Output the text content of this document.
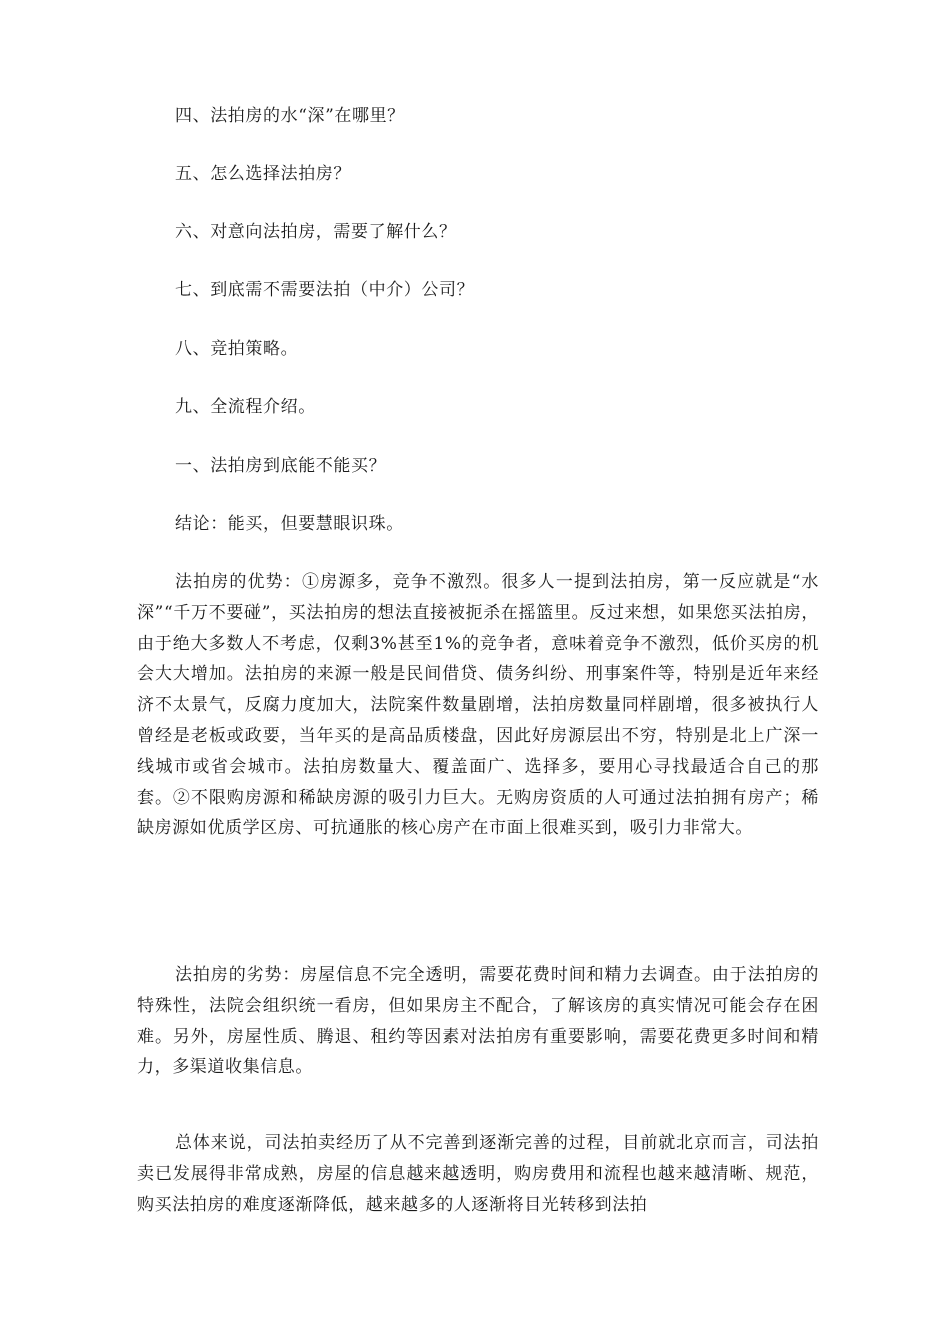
四、法拍房的水“深”在哪里？
五、怎么选择法拍房？
六、对意向法拍房，需要了解什么？
七、到底需不需要法拍（中介）公司？
八、竞拍策略。
九、全流程介绍。
一、法拍房到底能不能买？
结论：能买，但要慧眼识珠。

法拍房的优势：①房源多，竞争不激烈。很多人一提到法拍房，第一反应就是“水深”“千万不要碰”，买法拍房的想法直接被扼杀在摇篮里。反过来想，如果您买法拍房，由于绝大多数人不考虑，仅剩3%甚至1%的竞争者，意味着竞争不激烈，低价买房的机会大大增加。法拍房的来源一般是民间借贷、债务纠纷、刑事案件等，特别是近年来经济不太景气，反腐力度加大，法院案件数量剧增，法拍房数量同样剧增，很多被执行人曾经是老板或政要，当年买的是高品质楼盘，因此好房源层出不穷，特别是北上广深一线城市或省会城市。法拍房数量大、覆盖面广、选择多，要用心寻找最适合自己的那套。②不限购房源和稀缺房源的吸引力巨大。无购房资质的人可通过法拍拥有房产；稀缺房源如优质学区房、可抗通胀的核心房产在市面上很难买到，吸引力非常大。

法拍房的劣势：房屋信息不完全透明，需要花费时间和精力去调查。由于法拍房的特殊性，法院会组织统一看房，但如果房主不配合，了解该房的真实情况可能会存在困难。另外，房屋性质、腾退、租约等因素对法拍房有重要影响，需要花费更多时间和精力，多渠道收集信息。

总体来说，司法拍卖经历了从不完善到逐渐完善的过程，目前就北京而言，司法拍卖已发展得非常成熟，房屋的信息越来越透明，购房费用和流程也越来越清晰、规范，购买法拍房的难度逐渐降低，越来越多的人逐渐将目光转移到法拍
